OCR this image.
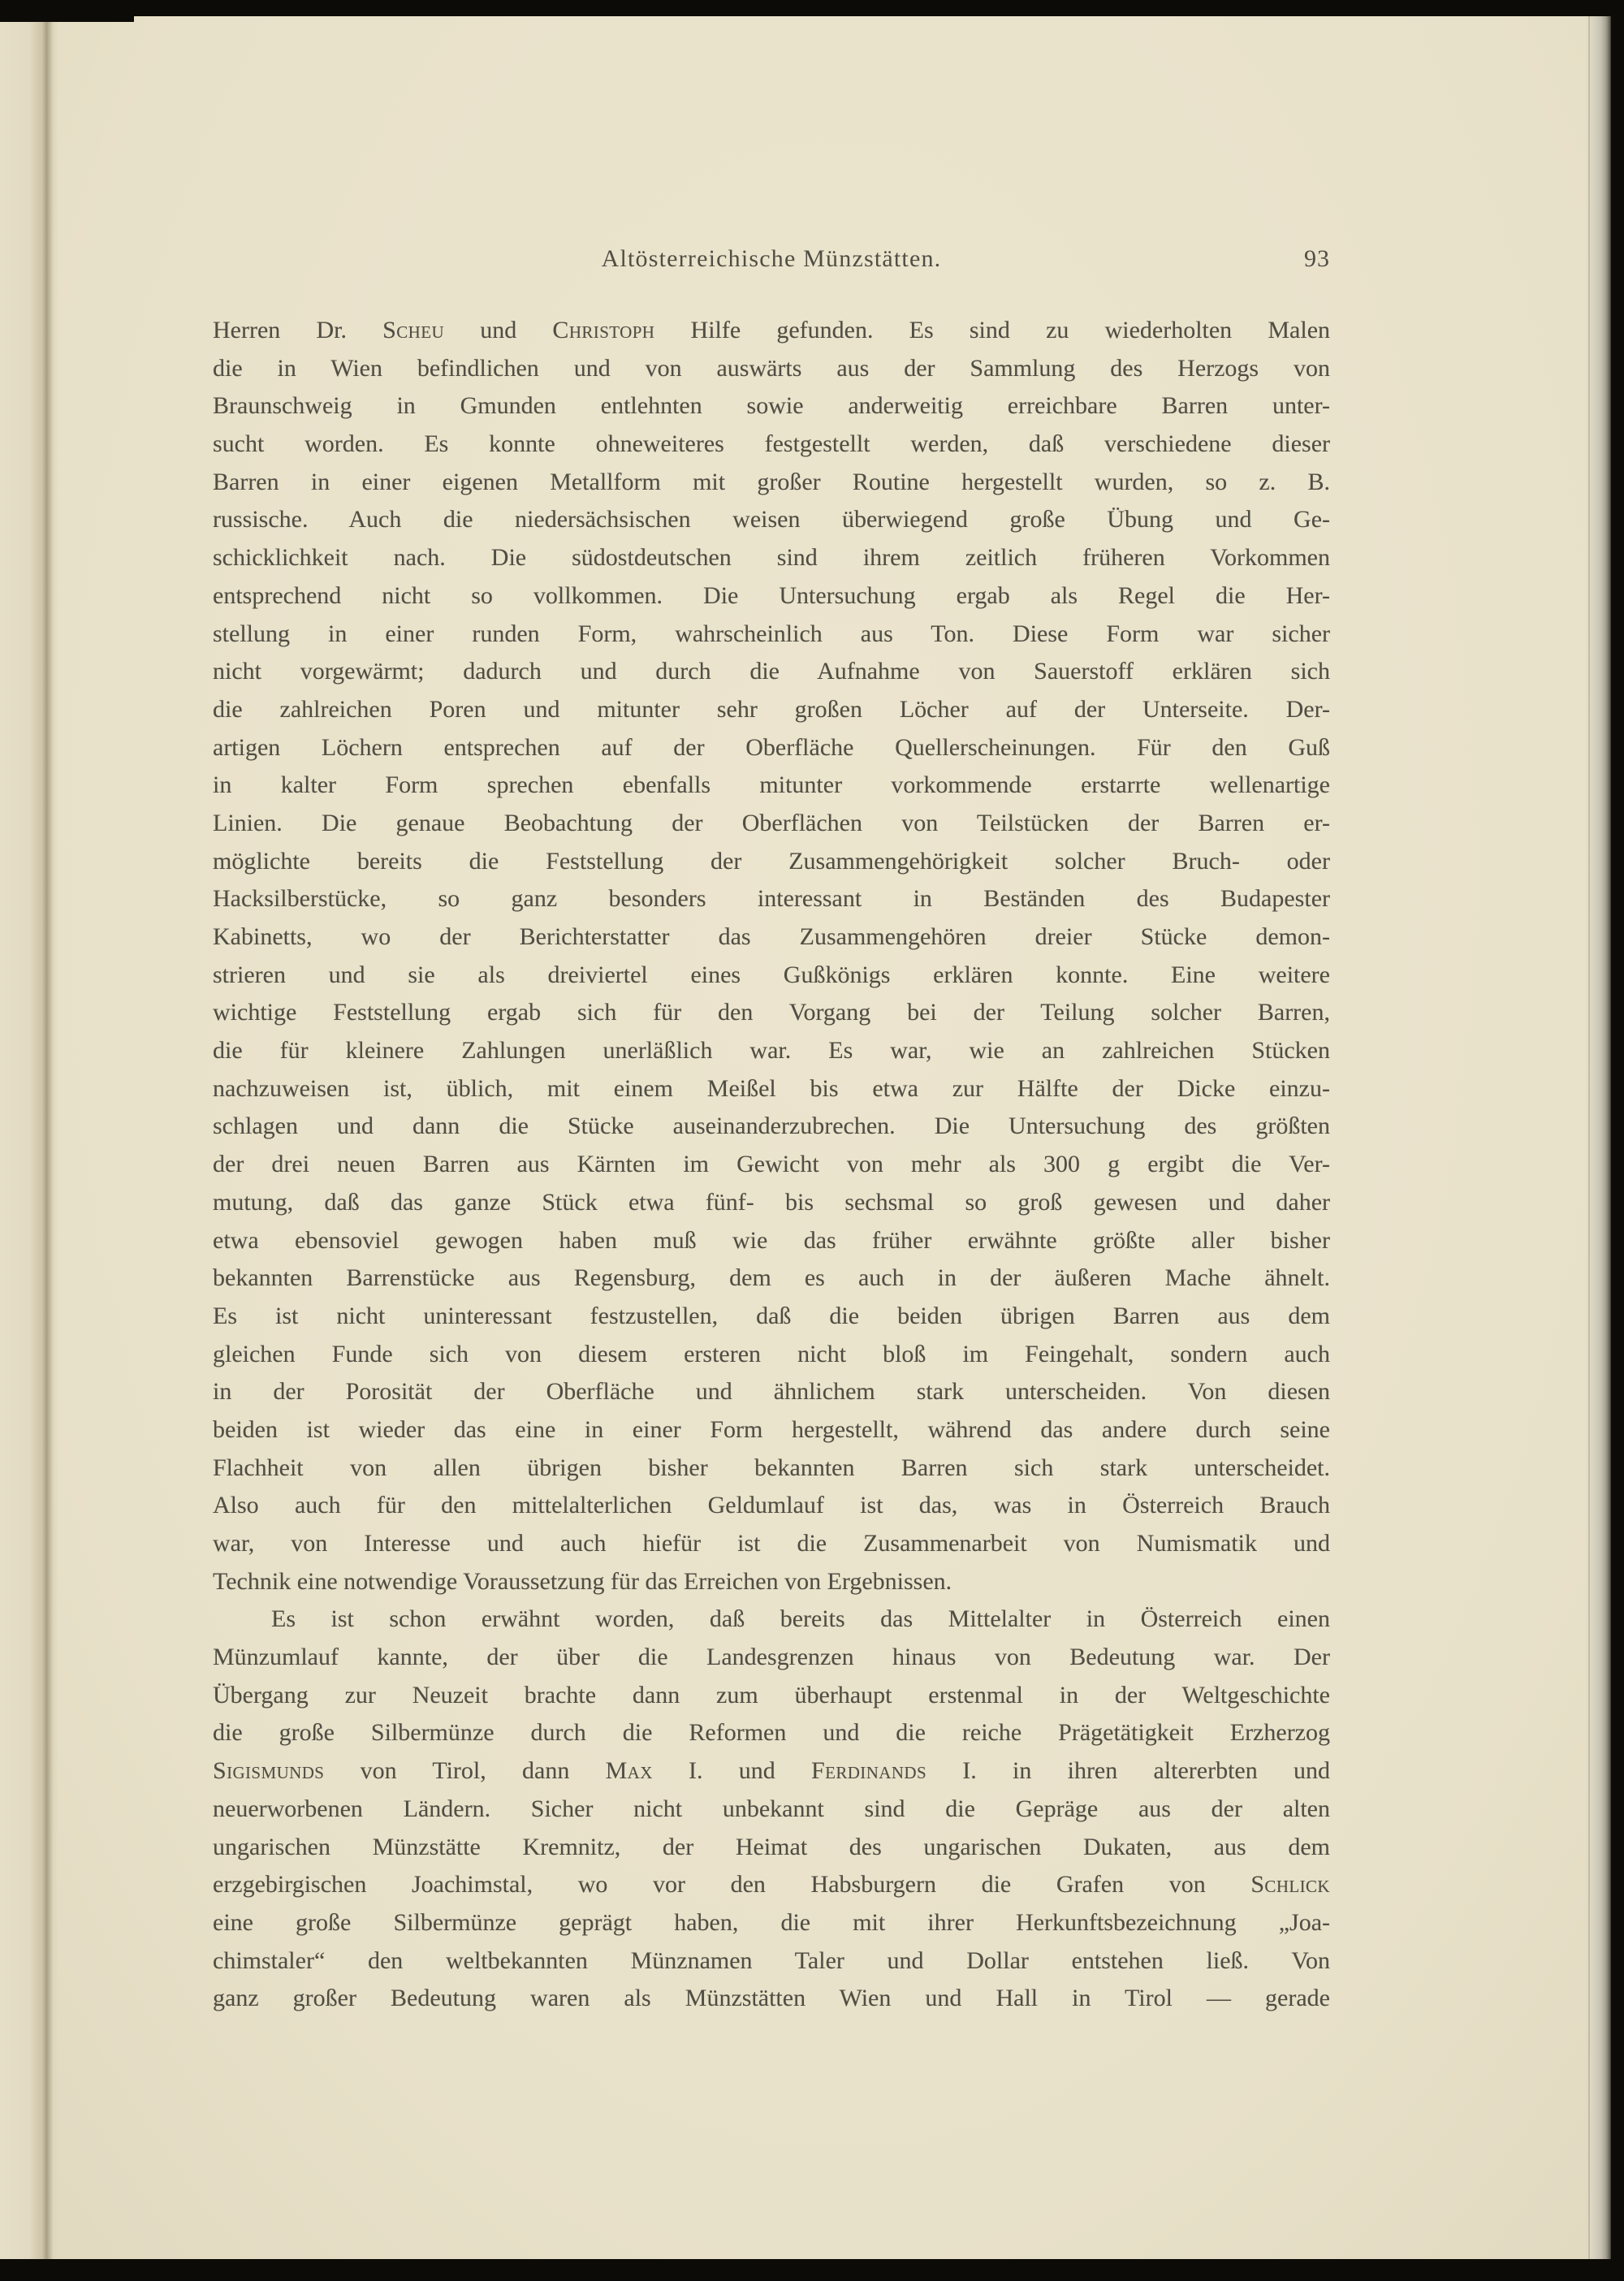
Altösterreichische Münzstätten.	93
Herren Dr. Scheu und Christoph Hilfe gefunden. Es sind zu wiederholten Malen
die in Wien befindlichen und von auswärts aus der Sammlung des Herzogs von
Braunschweig in Gmunden entlehnten sowie anderweitig erreichbare Barren unter-
sucht worden. Es konnte ohneweiteres festgestellt werden, daß verschiedene dieser
Barren in einer eigenen Metallform mit großer Routine hergestellt wurden, so z. B.
russische. Auch die niedersächsischen weisen überwiegend große Übung und Ge-
schicklichkeit nach. Die südostdeutschen sind ihrem zeitlich früheren Vorkommen
entsprechend nicht so vollkommen. Die Untersuchung ergab als Regel die Her-
stellung in einer runden Form, wahrscheinlich aus Ton. Diese Form war sicher
nicht vorgewärmt; dadurch und durch die Aufnahme von Sauerstoff erklären sich
die zahlreichen Poren und mitunter sehr großen Löcher auf der Unterseite. Der-
artigen Löchern entsprechen auf der Oberfläche Quellerscheinungen. Für den Guß
in kalter Form sprechen ebenfalls mitunter vorkommende erstarrte wellenartige
Linien. Die genaue Beobachtung der Oberflächen von Teilstücken der Barren er-
möglichte bereits die Feststellung der Zusammengehörigkeit solcher Bruch- oder
Hacksilberstücke, so ganz besonders interessant in Beständen des Budapester
Kabinetts, wo der Berichterstatter das Zusammengehören dreier Stücke demon-
strieren und sie als dreiviertel eines Gußkönigs erklären konnte. Eine weitere
wichtige Feststellung ergab sich für den Vorgang bei der Teilung solcher Barren,
die für kleinere Zahlungen unerläßlich war. Es war, wie an zahlreichen Stücken
nachzuweisen ist, üblich, mit einem Meißel bis etwa zur Hälfte der Dicke einzu-
schlagen und dann die Stücke auseinanderzubrechen. Die Untersuchung des größten
der drei neuen Barren aus Kärnten im Gewicht von mehr als 300 g ergibt die Ver-
mutung, daß das ganze Stück etwa fünf- bis sechsmal so groß gewesen und daher
etwa ebensoviel gewogen haben muß wie das früher erwähnte größte aller bisher
bekannten Barrenstücke aus Regensburg, dem es auch in der äußeren Mache ähnelt.
Es ist nicht uninteressant festzustellen, daß die beiden übrigen Barren aus dem
gleichen Funde sich von diesem ersteren nicht bloß im Feingehalt, sondern auch
in der Porosität der Oberfläche und ähnlichem stark unterscheiden. Von diesen
beiden ist wieder das eine in einer Form hergestellt, während das andere durch seine
Flachheit von allen übrigen bisher bekannten Barren sich stark unterscheidet.
Also auch für den mittelalterlichen Geldumlauf ist das, was in Österreich Brauch
war, von Interesse und auch hiefür ist die Zusammenarbeit von Numismatik und
Technik eine notwendige Voraussetzung für das Erreichen von Ergebnissen.
Es ist schon erwähnt worden, daß bereits das Mittelalter in Österreich einen
Münzumlauf kannte, der über die Landesgrenzen hinaus von Bedeutung war. Der
Übergang zur Neuzeit brachte dann zum überhaupt erstenmal in der Weltgeschichte
die große Silbermünze durch die Reformen und die reiche Prägetätigkeit Erzherzog
Sigismunds von Tirol, dann Max I. und Ferdinands I. in ihren altererbten und
neuerworbenen Ländern. Sicher nicht unbekannt sind die Gepräge aus der alten
ungarischen Münzstätte Kremnitz, der Heimat des ungarischen Dukaten, aus dem
erzgebirgischen Joachimstal, wo vor den Habsburgern die Grafen von Schlick
eine große Silbermünze geprägt haben, die mit ihrer Herkunftsbezeichnung „Joa-
chimstaler“ den weltbekannten Münznamen Taler und Dollar entstehen ließ. Von
ganz großer Bedeutung waren als Münzstätten Wien und Hall in Tirol — gerade
